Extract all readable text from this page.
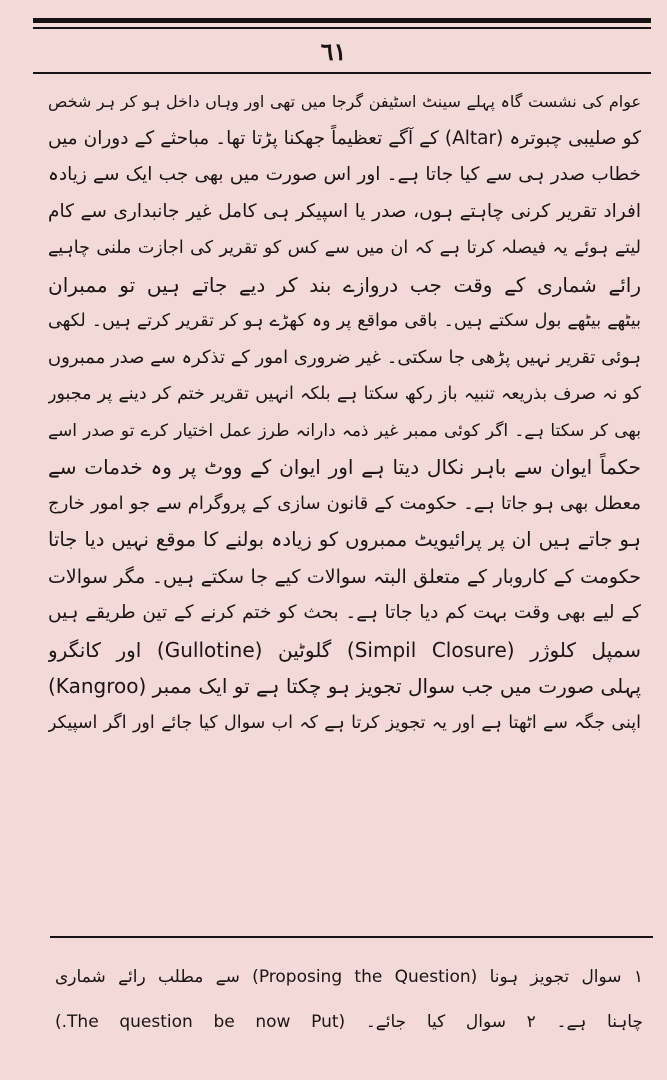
٦١
عوام کی نشست گاہ پہلے سینٹ اسٹیفن گرجا میں تھی اور وہاں داخل ہو کر ہر شخص
کو صلیبی چبوترہ (Altar) کے آگے تعظیماً جھکنا پڑتا تھا۔ مباحثے کے دوران میں
خطاب صدر ہی سے کیا جاتا ہے۔ اور اس صورت میں بھی جب ایک سے زیادہ
افراد تقریر کرنی چاہتے ہوں، صدر یا اسپیکر ہی کامل غیر جانبداری سے کام
لیتے ہوئے یہ فیصلہ کرتا ہے کہ ان میں سے کس کو تقریر کی اجازت ملنی چاہیے
رائے شماری کے وقت جب دروازے بند کر دیے جاتے ہیں تو ممبران
بیٹھے بیٹھے بول سکتے ہیں۔ باقی مواقع پر وہ کھڑے ہو کر تقریر کرتے ہیں۔ لکھی
ہوئی تقریر نہیں پڑھی جا سکتی۔ غیر ضروری امور کے تذکرہ سے صدر ممبروں
کو نہ صرف بذریعہ تنبیہ باز رکھ سکتا ہے بلکہ انہیں تقریر ختم کر دینے پر مجبور
بھی کر سکتا ہے۔ اگر کوئی ممبر غیر ذمہ دارانہ طرز عمل اختیار کرے تو صدر اسے
حکماً ایوان سے باہر نکال دیتا ہے اور ایوان کے ووٹ پر وہ خدمات سے
معطل بھی ہو جاتا ہے۔ حکومت کے قانون سازی کے پروگرام سے جو امور خارج
ہو جاتے ہیں ان پر پرائیویٹ ممبروں کو زیادہ بولنے کا موقع نہیں دیا جاتا
حکومت کے کاروبار کے متعلق البتہ سوالات کیے جا سکتے ہیں۔ مگر سوالات
کے لیے بھی وقت بہت کم دیا جاتا ہے۔ بحث کو ختم کرنے کے تین طریقے ہیں
سمپل کلوژر (Simpil Closure) گلوٹین (Gullotine) اور کانگرو
(Kangroo) پہلی صورت میں جب سوال تجویز ہو چکتا ہے تو ایک ممبر
اپنی جگہ سے اٹھتا ہے اور یہ تجویز کرتا ہے کہ اب سوال کیا جائے اور اگر اسپیکر
۱ سوال تجویز ہونا (Proposing the Question) سے مطلب رائے شماری
چاہنا ہے۔ ۲ سوال کیا جائے۔ (The question be now Put.)
